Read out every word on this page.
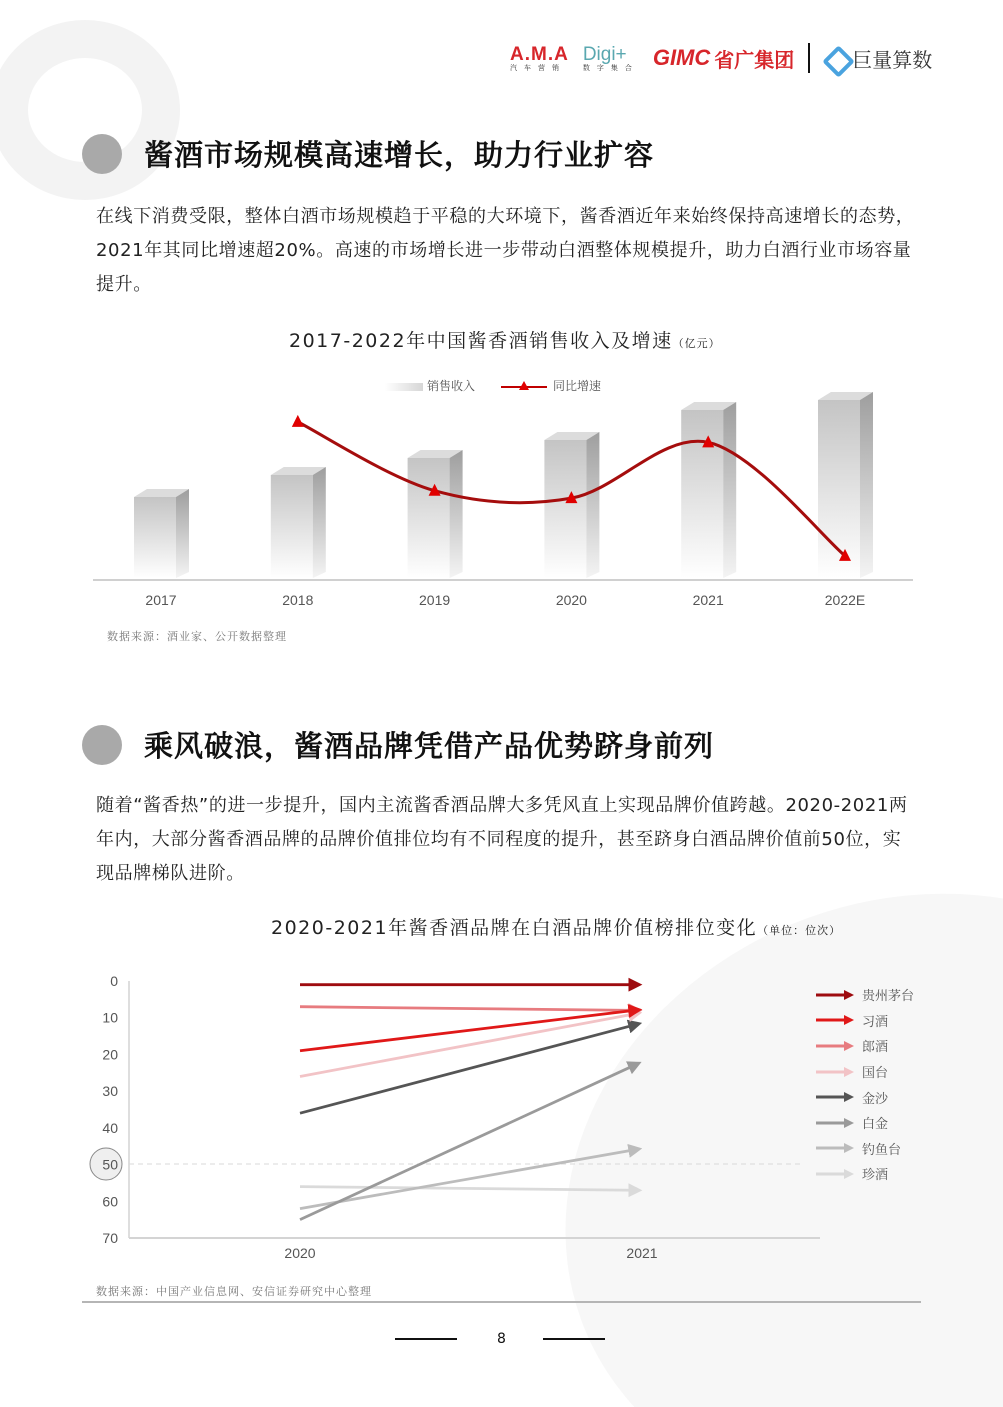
A.M.A
汽车营销
Digi+
数字集合 GIMC 省广集团	巨量算数
酱酒市场规模高速增长，助力行业扩容
在线下消费受限，整体白酒市场规模趋于平稳的大环境下，酱香酒近年来始终保持高速增长的态势，2021年其同比增速超20%。高速的市场增长进一步带动白酒整体规模提升，助力白酒行业市场容量提升。
2017-2022年中国酱香酒销售收入及增速（亿元）
销售收入	同比增速
2017	2018	2019	2020	2021	2022E
数据来源：酒业家、公开数据整理
乘风破浪，酱酒品牌凭借产品优势跻身前列
随着“酱香热”的进一步提升，国内主流酱香酒品牌大多凭风直上实现品牌价值跨越。2020-2021两年内，大部分酱香酒品牌的品牌价值排位均有不同程度的提升，甚至跻身白酒品牌价值前50位，实现品牌梯队进阶。
2020-2021年酱香酒品牌在白酒品牌价值榜排位变化（单位：位次）
0
10
20
30
40
50
60
70
2020	2021
贵州茅台
习酒
郎酒
国台
金沙
白金
钓鱼台
珍酒
数据来源：中国产业信息网、安信证券研究中心整理
8
